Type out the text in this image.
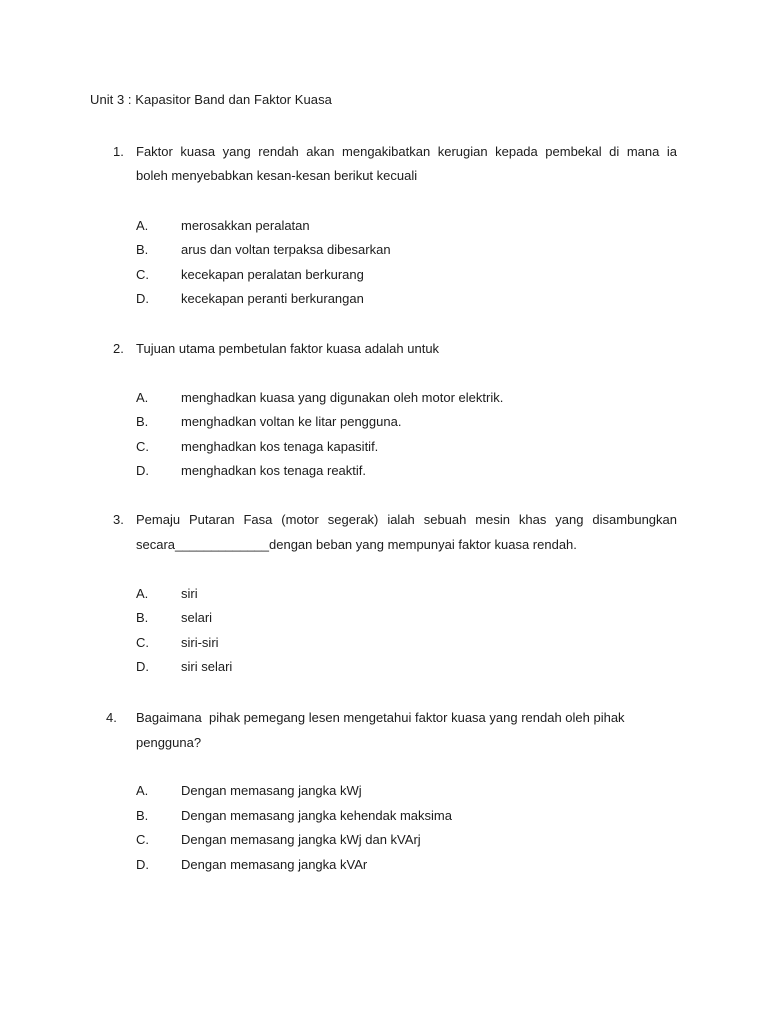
Unit 3 : Kapasitor Band dan Faktor Kuasa
1. Faktor kuasa yang rendah akan mengakibatkan kerugian kepada pembekal di mana ia
boleh menyebabkan kesan-kesan berikut kecuali
A.	merosakkan peralatan
B.	arus dan voltan terpaksa dibesarkan
C. kecekapan peralatan berkurang
D. kecekapan peranti berkurangan
2. Tujuan utama pembetulan faktor kuasa adalah untuk
A.	menghadkan kuasa yang digunakan oleh motor elektrik.
B.	menghadkan voltan ke litar pengguna.
C. menghadkan kos tenaga kapasitif.
D. menghadkan kos tenaga reaktif.
3. Pemaju Putaran Fasa (motor segerak) ialah sebuah mesin khas yang disambungkan
secara_____________dengan beban yang mempunyai faktor kuasa rendah.
A.	siri
B.	selari
C. siri-siri
D. siri selari
4. Bagaimana  pihak pemegang lesen mengetahui faktor kuasa yang rendah oleh pihak
pengguna?
A.	Dengan memasang jangka kWj
B.	Dengan memasang jangka kehendak maksima
C. Dengan memasang jangka kWj dan kVArj
D. Dengan memasang jangka kVAr
